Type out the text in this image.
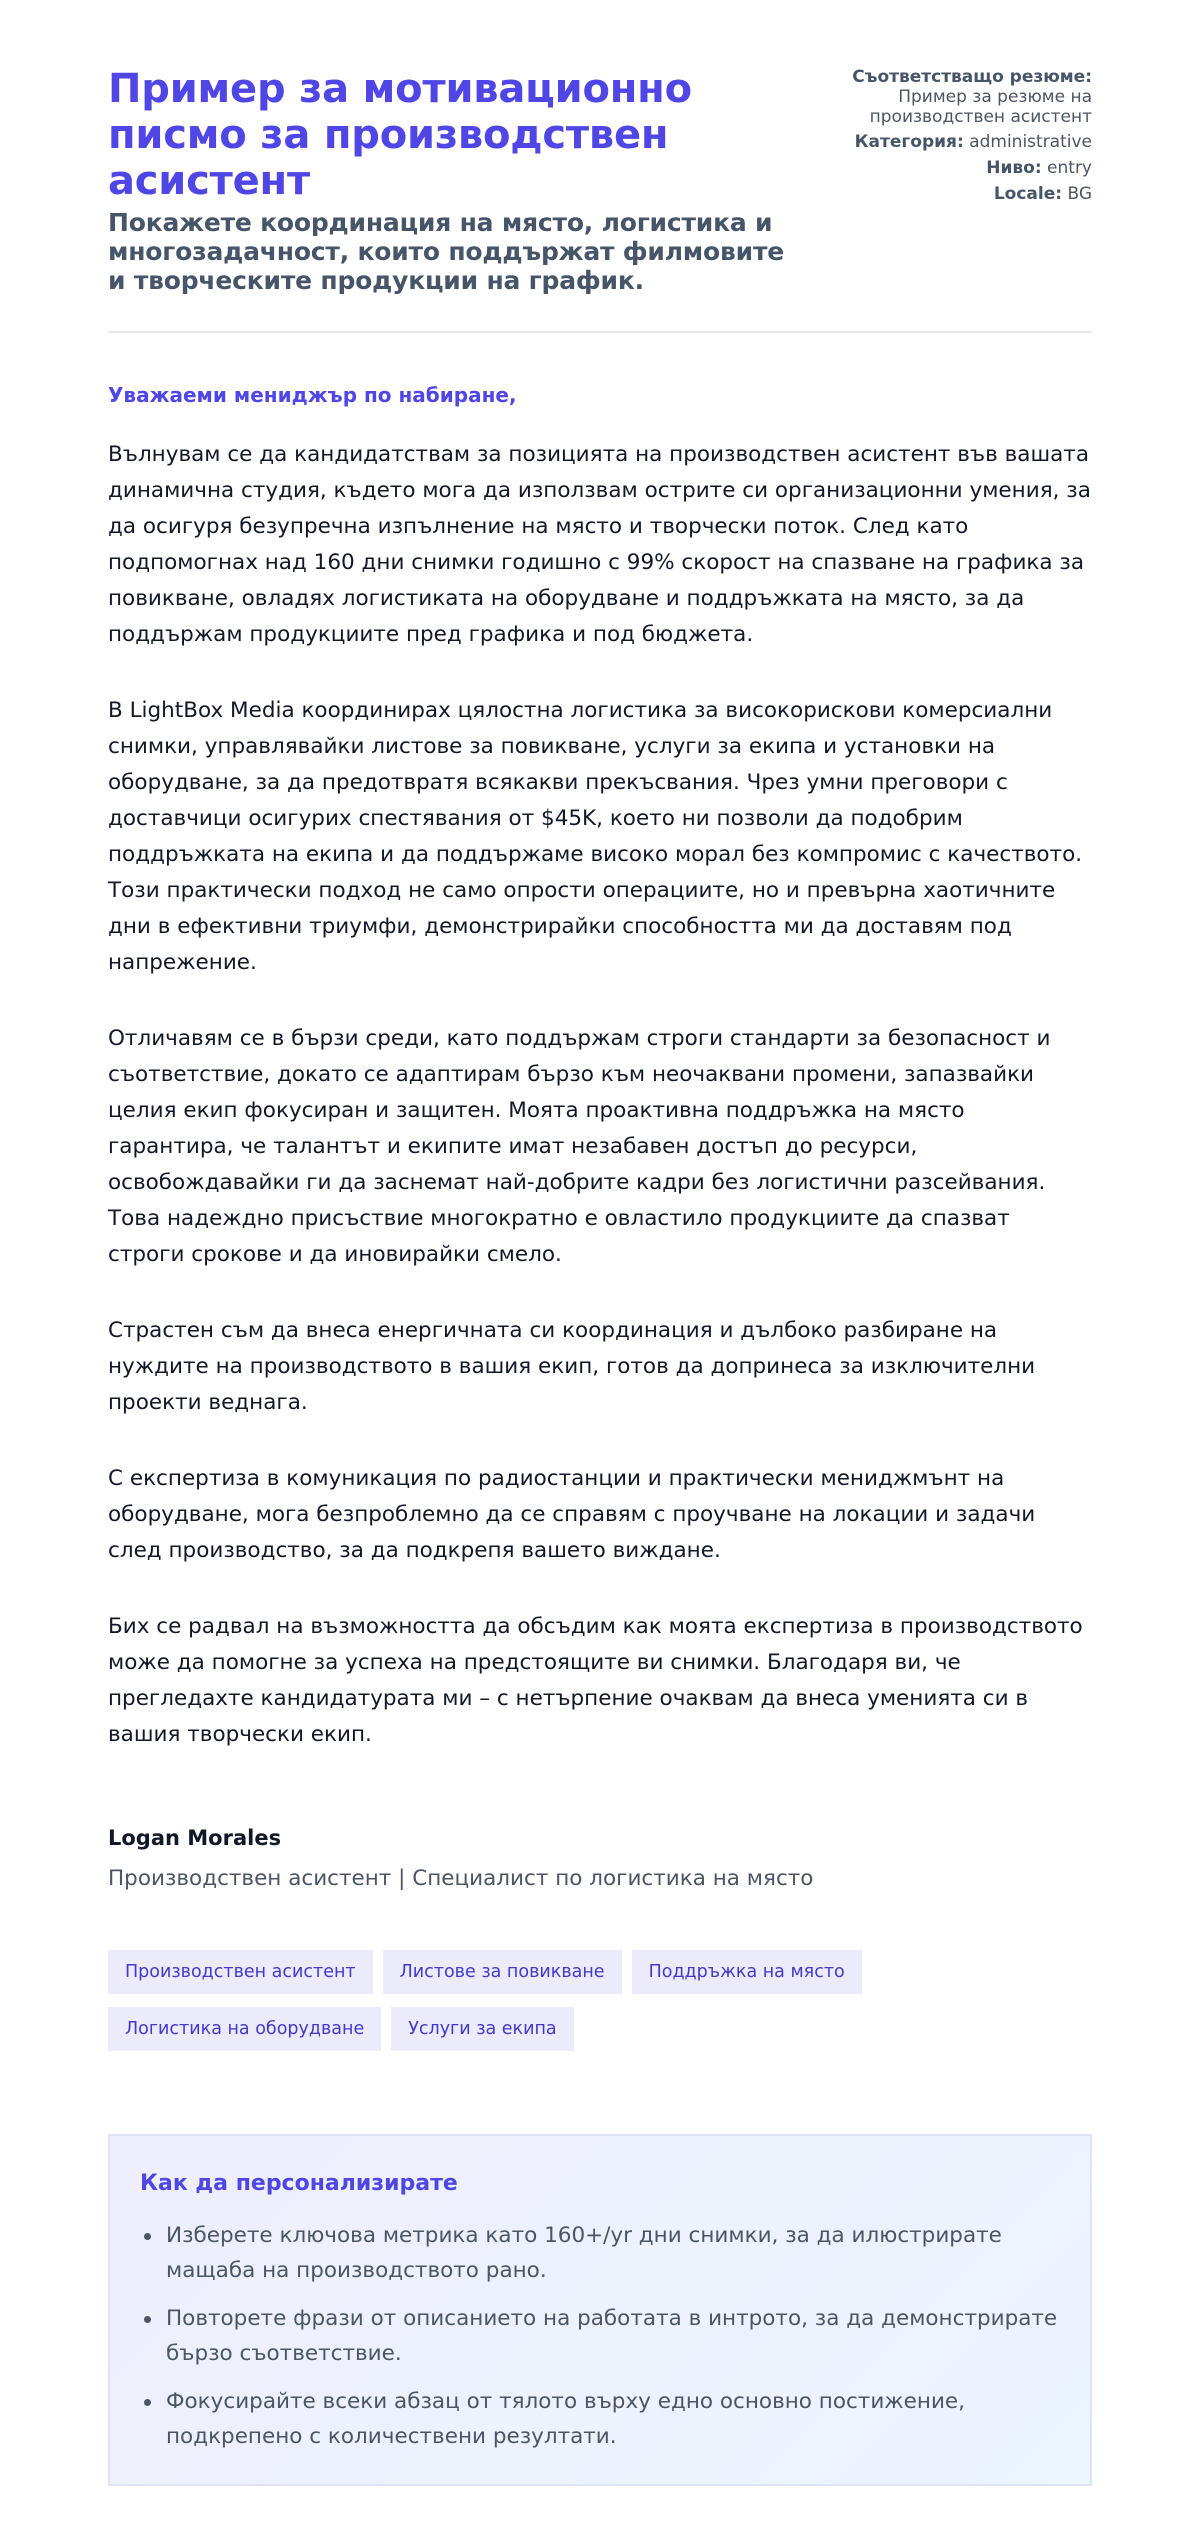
Пример за мотивационно писмо за производствен асистент
Покажете координация на място, логистика и многозадачност, които поддържат филмовите и творческите продукции на график.
Съответстващо резюме:
Пример за резюме на производствен асистент
Категория: administrative
Ниво: entry
Locale: BG

Уважаеми мениджър по набиране,

Вълнувам се да кандидатствам за позицията на производствен асистент във вашата динамична студия, където мога да използвам острите си организационни умения, за да осигуря безупречна изпълнение на място и творчески поток. След като подпомогнах над 160 дни снимки годишно с 99% скорост на спазване на графика за повикване, овладях логистиката на оборудване и поддръжката на място, за да поддържам продукциите пред графика и под бюджета.

В LightBox Media координирах цялостна логистика за високорискови комерсиални снимки, управлявайки листове за повикване, услуги за екипа и установки на оборудване, за да предотвратя всякакви прекъсвания. Чрез умни преговори с доставчици осигурих спестявания от $45K, което ни позволи да подобрим поддръжката на екипа и да поддържаме високо морал без компромис с качеството. Този практически подход не само опрости операциите, но и превърна хаотичните дни в ефективни триумфи, демонстрирайки способността ми да доставям под напрежение.

Отличавям се в бързи среди, като поддържам строги стандарти за безопасност и съответствие, докато се адаптирам бързо към неочаквани промени, запазвайки целия екип фокусиран и защитен. Моята проактивна поддръжка на място гарантира, че талантът и екипите имат незабавен достъп до ресурси, освобождавайки ги да заснемат най-добрите кадри без логистични разсейвания. Това надеждно присъствие многократно е овластило продукциите да спазват строги срокове и да иновирайки смело.

Страстен съм да внеса енергичната си координация и дълбоко разбиране на нуждите на производството в вашия екип, готов да допринеса за изключителни проекти веднага.

С експертиза в комуникация по радиостанции и практически мениджмънт на оборудване, мога безпроблемно да се справям с проучване на локации и задачи след производство, за да подкрепя вашето виждане.

Бих се радвал на възможността да обсъдим как моята експертиза в производството може да помогне за успеха на предстоящите ви снимки. Благодаря ви, че прегледахте кандидатурата ми – с нетърпение очаквам да внеса уменията си в вашия творчески екип.

Logan Morales
Производствен асистент | Специалист по логистика на място
Производствен асистент	Листове за повикване	Поддръжка на място
Логистика на оборудване	Услуги за екипа
Как да персонализирате
Изберете ключова метрика като 160+/yr дни снимки, за да илюстрирате мащаба на производството рано.
Повторете фрази от описанието на работата в интрото, за да демонстрирате бързо съответствие.
Фокусирайте всеки абзац от тялото върху едно основно постижение, подкрепено с количествени резултати.
